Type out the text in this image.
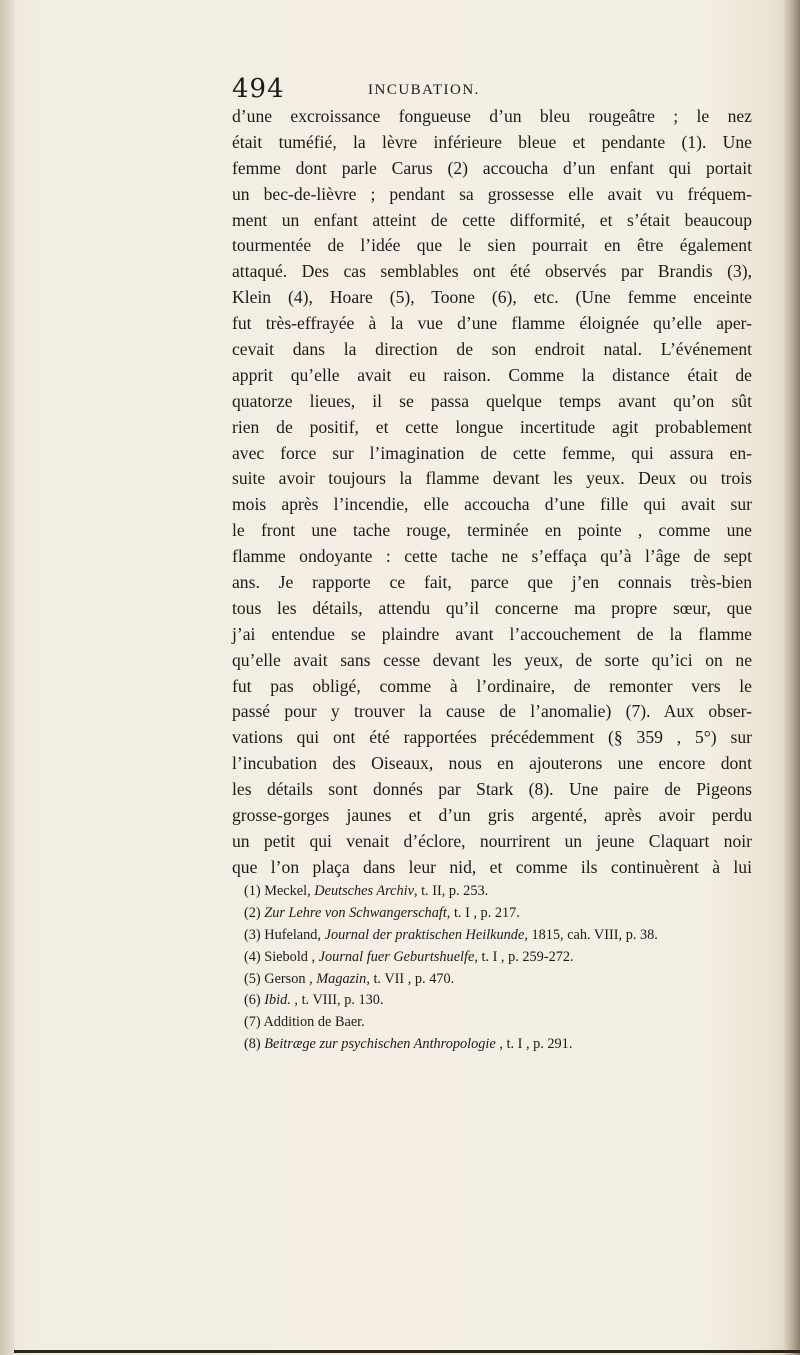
494	INCUBATION.
d’une excroissance fongueuse d’un bleu rougeâtre ; le nez
était tuméfié, la lèvre inférieure bleue et pendante (1). Une
femme dont parle Carus (2) accoucha d’un enfant qui portait
un bec-de-lièvre ; pendant sa grossesse elle avait vu fréquem-
ment un enfant atteint de cette difformité, et s’était beaucoup
tourmentée de l’idée que le sien pourrait en être également
attaqué. Des cas semblables ont été observés par Brandis (3),
Klein (4), Hoare (5), Toone (6), etc. (Une femme enceinte
fut très-effrayée à la vue d’une flamme éloignée qu’elle aper-
cevait dans la direction de son endroit natal. L’événement
apprit qu’elle avait eu raison. Comme la distance était de
quatorze lieues, il se passa quelque temps avant qu’on sût
rien de positif, et cette longue incertitude agit probablement
avec force sur l’imagination de cette femme, qui assura en-
suite avoir toujours la flamme devant les yeux. Deux ou trois
mois après l’incendie, elle accoucha d’une fille qui avait sur
le front une tache rouge, terminée en pointe , comme une
flamme ondoyante : cette tache ne s’effaça qu’à l’âge de sept
ans. Je rapporte ce fait, parce que j’en connais très-bien
tous les détails, attendu qu’il concerne ma propre sœur, que
j’ai entendue se plaindre avant l’accouchement de la flamme
qu’elle avait sans cesse devant les yeux, de sorte qu’ici on ne
fut pas obligé, comme à l’ordinaire, de remonter vers le
passé pour y trouver la cause de l’anomalie) (7). Aux obser-
vations qui ont été rapportées précédemment (§ 359 , 5°) sur
l’incubation des Oiseaux, nous en ajouterons une encore dont
les détails sont donnés par Stark (8). Une paire de Pigeons
grosse-gorges jaunes et d’un gris argenté, après avoir perdu
un petit qui venait d’éclore, nourrirent un jeune Claquart noir
que l’on plaça dans leur nid, et comme ils continuèrent à lui
(1) Meckel, Deutsches Archiv, t. II, p. 253.
(2) Zur Lehre von Schwangerschaft, t. I , p. 217.
(3) Hufeland, Journal der praktischen Heilkunde, 1815, cah. VIII, p. 38.
(4) Siebold , Journal fuer Geburtshuelfe, t. I , p. 259-272.
(5) Gerson , Magazin, t. VII , p. 470.
(6) Ibid. , t. VIII, p. 130.
(7) Addition de Baer.
(8) Beitræge zur psychischen Anthropologie , t. I , p. 291.
